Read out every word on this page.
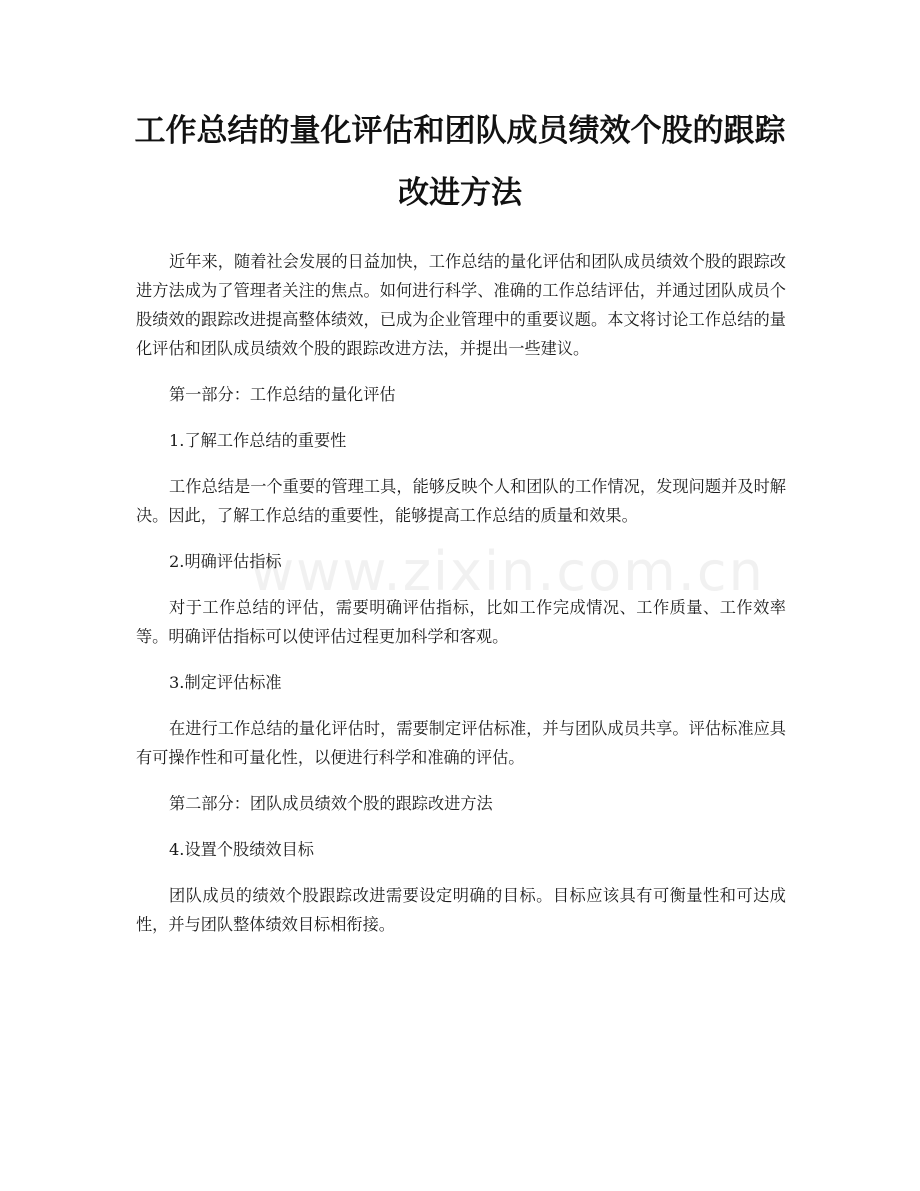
工作总结的量化评估和团队成员绩效个股的跟踪改进方法
www.zixin.com.cn

近年来，随着社会发展的日益加快，工作总结的量化评估和团队成员绩效个股的跟踪改进方法成为了管理者关注的焦点。如何进行科学、准确的工作总结评估，并通过团队成员个股绩效的跟踪改进提高整体绩效，已成为企业管理中的重要议题。本文将讨论工作总结的量化评估和团队成员绩效个股的跟踪改进方法，并提出一些建议。

第一部分：工作总结的量化评估

1.了解工作总结的重要性

工作总结是一个重要的管理工具，能够反映个人和团队的工作情况，发现问题并及时解决。因此，了解工作总结的重要性，能够提高工作总结的质量和效果。

2.明确评估指标

对于工作总结的评估，需要明确评估指标，比如工作完成情况、工作质量、工作效率等。明确评估指标可以使评估过程更加科学和客观。

3.制定评估标准

在进行工作总结的量化评估时，需要制定评估标准，并与团队成员共享。评估标准应具有可操作性和可量化性，以便进行科学和准确的评估。

第二部分：团队成员绩效个股的跟踪改进方法

4.设置个股绩效目标

团队成员的绩效个股跟踪改进需要设定明确的目标。目标应该具有可衡量性和可达成性，并与团队整体绩效目标相衔接。
